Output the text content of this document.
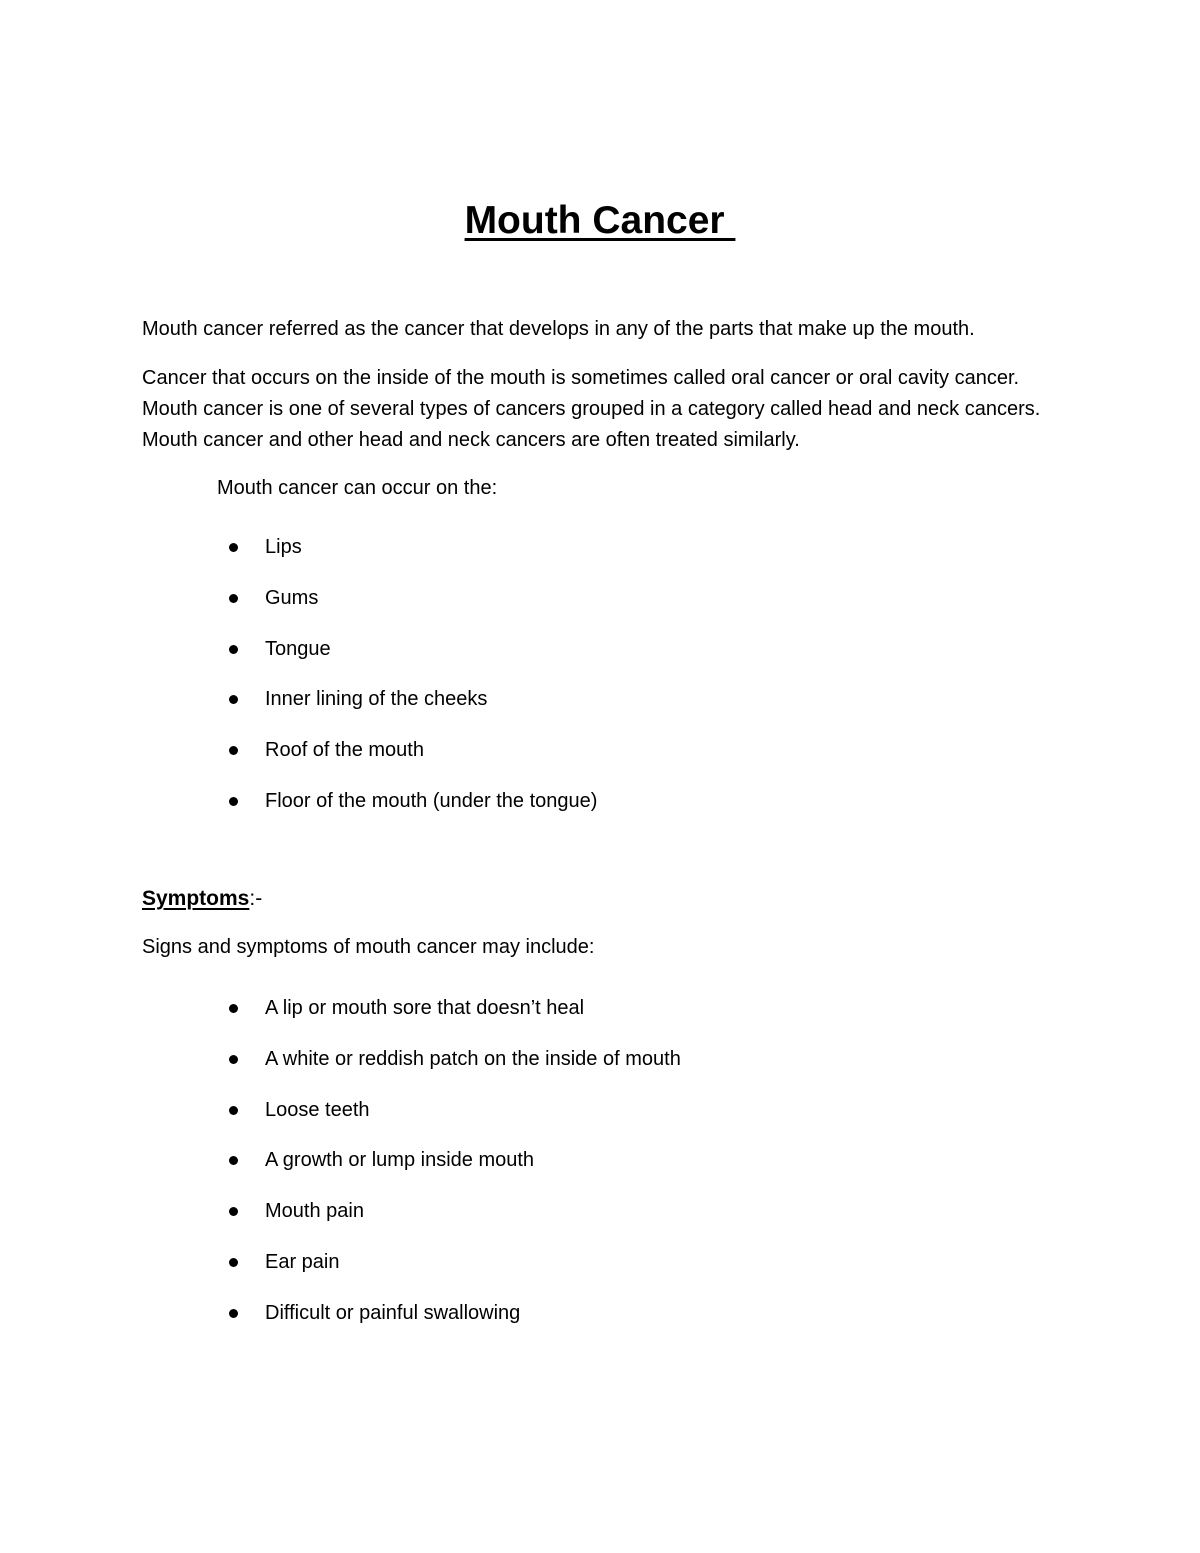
Mouth Cancer

Mouth cancer referred as the cancer that develops in any of the parts that make up the mouth.

Cancer that occurs on the inside of the mouth is sometimes called oral cancer or oral cavity cancer. Mouth cancer is one of several types of cancers grouped in a category called head and neck cancers. Mouth cancer and other head and neck cancers are often treated similarly.

Mouth cancer can occur on the:

Lips
Gums
Tongue
Inner lining of the cheeks
Roof of the mouth
Floor of the mouth (under the tongue)
Symptoms:-

Signs and symptoms of mouth cancer may include:

A lip or mouth sore that doesn’t heal
A white or reddish patch on the inside of mouth
Loose teeth
A growth or lump inside mouth
Mouth pain
Ear pain
Difficult or painful swallowing
